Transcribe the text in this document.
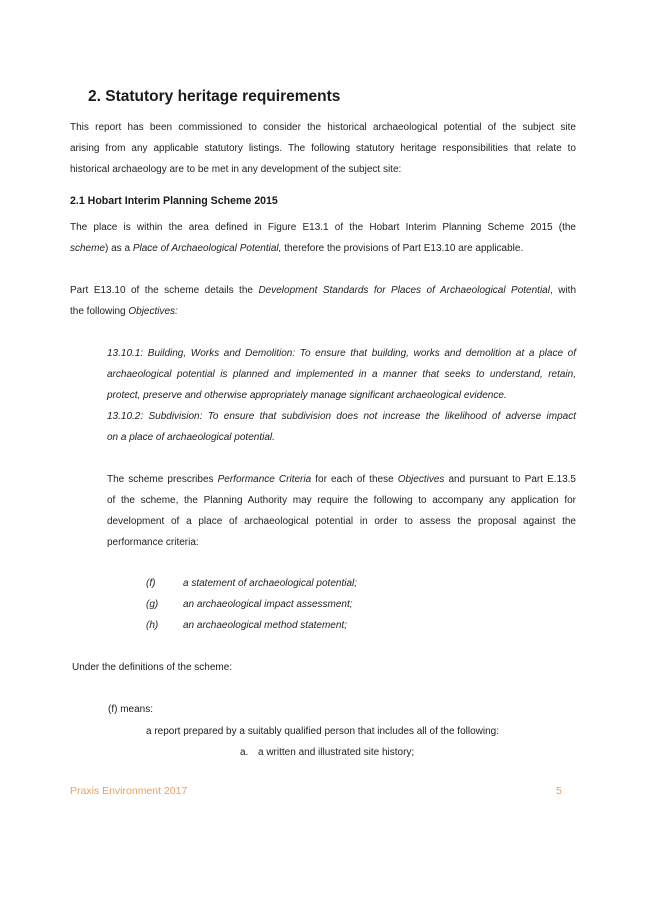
2. Statutory heritage requirements
This report has been commissioned to consider the historical archaeological potential of the subject site
arising from any applicable statutory listings. The following statutory heritage responsibilities that relate to
historical archaeology are to be met in any development of the subject site:
2.1 Hobart Interim Planning Scheme 2015
The place is within the area defined in Figure E13.1 of the Hobart Interim Planning Scheme 2015 (the
scheme) as a Place of Archaeological Potential, therefore the provisions of Part E13.10 are applicable.
Part E13.10 of the scheme details the Development Standards for Places of Archaeological Potential, with
the following Objectives:
13.10.1: Building, Works and Demolition: To ensure that building, works and demolition at a place of
archaeological potential is planned and implemented in a manner that seeks to understand, retain,
protect, preserve and otherwise appropriately manage significant archaeological evidence.
13.10.2: Subdivision: To ensure that subdivision does not increase the likelihood of adverse impact
on a place of archaeological potential.
The scheme prescribes Performance Criteria for each of these Objectives and pursuant to Part E.13.5
of the scheme, the Planning Authority may require the following to accompany any application for
development of a place of archaeological potential in order to assess the proposal against the
performance criteria:
(f)	a statement of archaeological potential;
(g) an archaeological impact assessment;
(h) an archaeological method statement;
Under the definitions of the scheme:
(f) means:
a report prepared by a suitably qualified person that includes all of the following:
a. a written and illustrated site history;
Praxis Environment 2017	5
